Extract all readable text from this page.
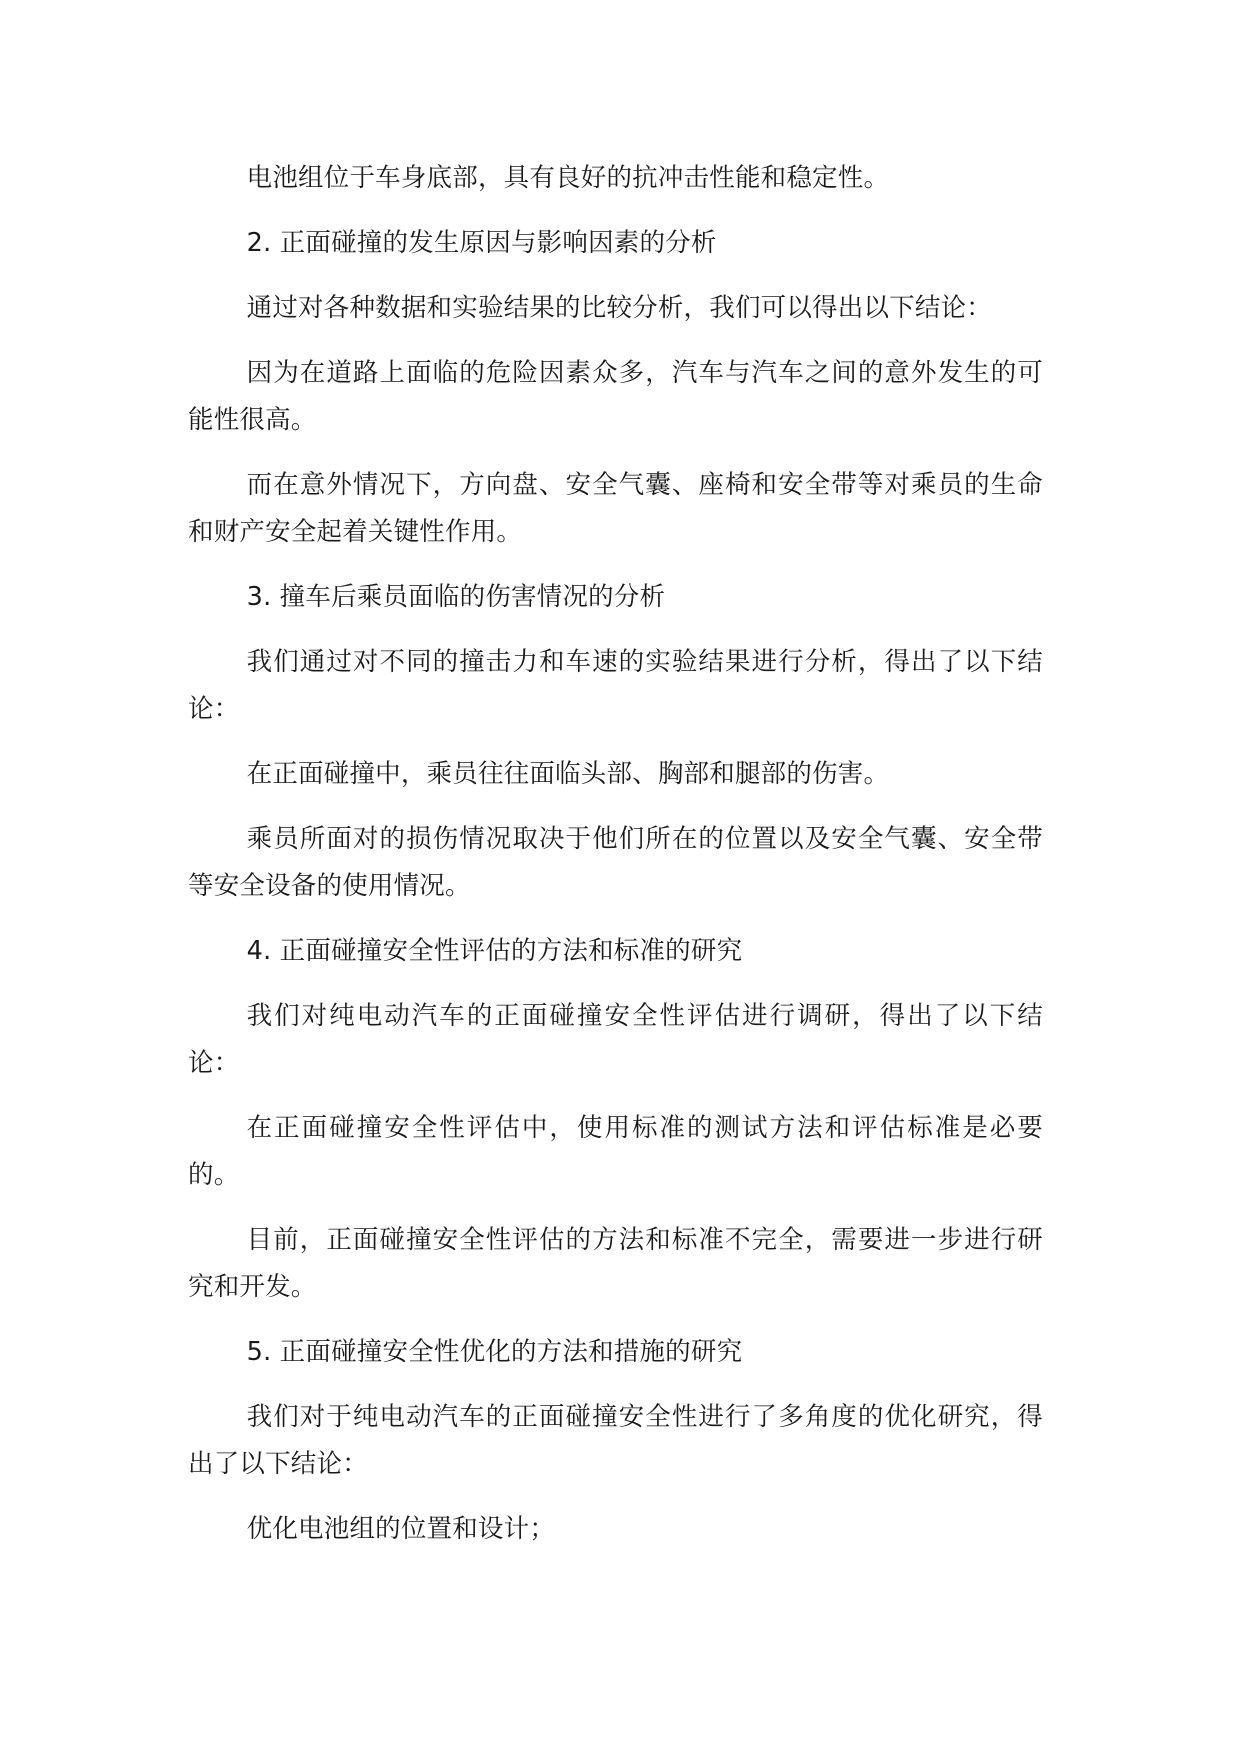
电池组位于车身底部，具有良好的抗冲击性能和稳定性。

2. 正面碰撞的发生原因与影响因素的分析

通过对各种数据和实验结果的比较分析，我们可以得出以下结论：

因为在道路上面临的危险因素众多，汽车与汽车之间的意外发生的可能性很高。

而在意外情况下，方向盘、安全气囊、座椅和安全带等对乘员的生命和财产安全起着关键性作用。

3. 撞车后乘员面临的伤害情况的分析

我们通过对不同的撞击力和车速的实验结果进行分析，得出了以下结论：

在正面碰撞中，乘员往往面临头部、胸部和腿部的伤害。

乘员所面对的损伤情况取决于他们所在的位置以及安全气囊、安全带等安全设备的使用情况。

4. 正面碰撞安全性评估的方法和标准的研究

我们对纯电动汽车的正面碰撞安全性评估进行调研，得出了以下结论：

在正面碰撞安全性评估中，使用标准的测试方法和评估标准是必要的。

目前，正面碰撞安全性评估的方法和标准不完全，需要进一步进行研究和开发。

5. 正面碰撞安全性优化的方法和措施的研究

我们对于纯电动汽车的正面碰撞安全性进行了多角度的优化研究，得出了以下结论：

优化电池组的位置和设计；
